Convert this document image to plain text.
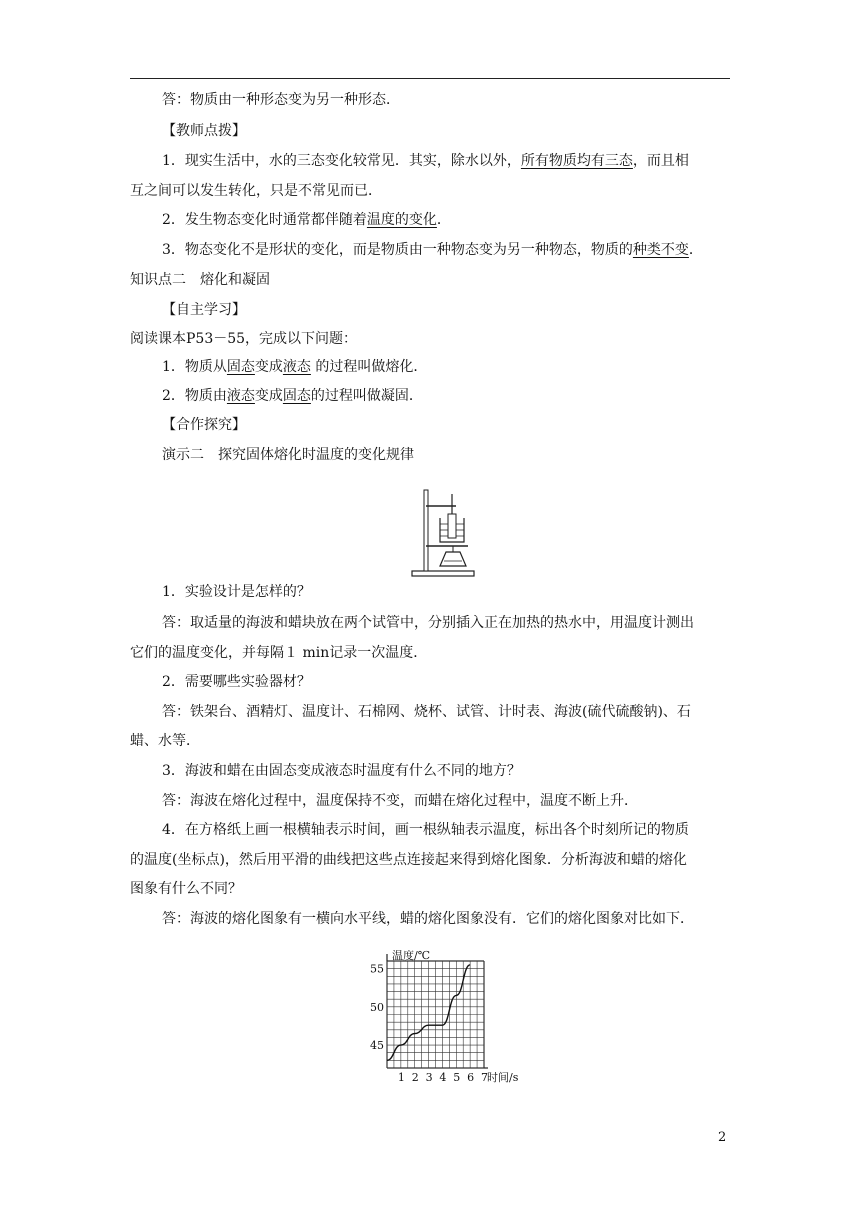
答：物质由一种形态变为另一种形态．
【教师点拨】
1．现实生活中，水的三态变化较常见．其实，除水以外，所有物质均有三态，而且相
互之间可以发生转化，只是不常见而已．
2．发生物态变化时通常都伴随着温度的变化．
3．物态变化不是形状的变化，而是物质由一种物态变为另一种物态，物质的种类不变．
知识点二　熔化和凝固
【自主学习】
阅读课本P53－55，完成以下问题：
1．物质从固态变成液态 的过程叫做熔化．
2．物质由液态变成固态的过程叫做凝固．
【合作探究】
演示二　探究固体熔化时温度的变化规律
1．实验设计是怎样的？
答：取适量的海波和蜡块放在两个试管中，分别插入正在加热的热水中，用温度计测出
它们的温度变化，并每隔１ min记录一次温度．
2．需要哪些实验器材？
答：铁架台、酒精灯、温度计、石棉网、烧杯、试管、计时表、海波(硫代硫酸钠)、石
蜡、水等．
3．海波和蜡在由固态变成液态时温度有什么不同的地方？
答：海波在熔化过程中，温度保持不变，而蜡在熔化过程中，温度不断上升．
4．在方格纸上画一根横轴表示时间，画一根纵轴表示温度，标出各个时刻所记的物质
的温度(坐标点)，然后用平滑的曲线把这些点连接起来得到熔化图象．分析海波和蜡的熔化
图象有什么不同？
答：海波的熔化图象有一横向水平线，蜡的熔化图象没有．它们的熔化图象对比如下．
1 2 3 4 5 6 7
45
50
55
温度/℃
时间/s
2
